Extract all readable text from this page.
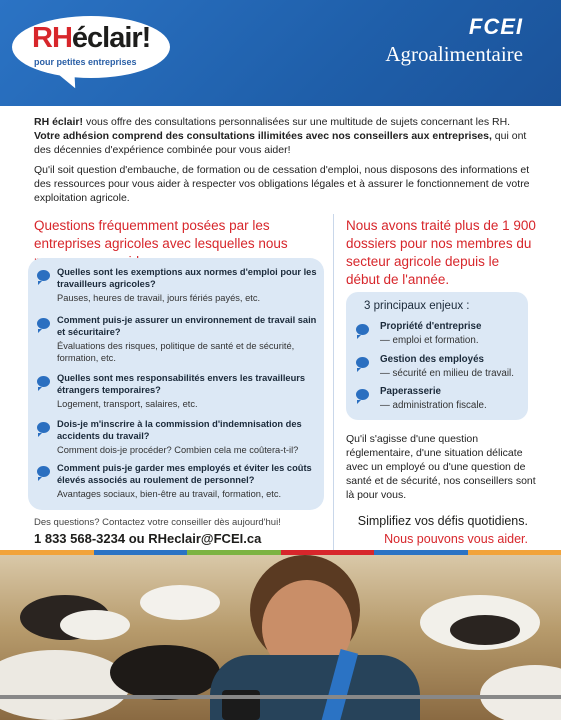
RHéclair!
pour petites entreprises
FCEI
Agroalimentaire

RH éclair! vous offre des consultations personnalisées sur une multitude de sujets concernant les RH. Votre adhésion comprend des consultations illimitées avec nos conseillers aux entreprises, qui ont des décennies d'expérience combinée pour vous aider!

Qu'il soit question d'embauche, de formation ou de cessation d'emploi, nous disposons des informations et des ressources pour vous aider à respecter vos obligations légales et à assurer le fonctionnement de votre exploitation agricole.

Questions fréquemment posées par les entreprises agricoles avec lesquelles nous

Quelles sont les exemptions aux normes d'emploi pour les travailleurs agricoles?

Pauses, heures de travail, jours fériés payés, etc.

Comment puis-je assurer un environnement de travail sain et sécuritaire?

Évaluations des risques, politique de santé et de sécurité, formation, etc.

Quelles sont mes responsabilités envers les travailleurs étrangers temporaires?

Logement, transport, salaires, etc.

Dois-je m'inscrire à la commission d'indemnisation des accidents du travail?

Comment dois-je procéder? Combien cela me coûtera-t-il?

Comment puis-je garder mes employés et éviter les coûts élevés associés au roulement de personnel?

Avantages sociaux, bien-être au travail, formation, etc.

Des questions? Contactez votre conseiller dès aujourd'hui!
1 833 568-3234 ou RHeclair@FCEI.ca

Nous avons traité plus de 1 900 dossiers pour nos membres du secteur agricole depuis le début de l'année.

3 principaux enjeux :
Propriété d'entreprise
— emploi et formation.
Gestion des employés
— sécurité en milieu de travail.
Paperasserie
— administration fiscale.

Qu'il s'agisse d'une question réglementaire, d'une situation délicate avec un employé ou d'une question de santé et de sécurité, nos conseillers sont là pour vous.

Simplifiez vos défis quotidiens.
Nous pouvons vous aider.
